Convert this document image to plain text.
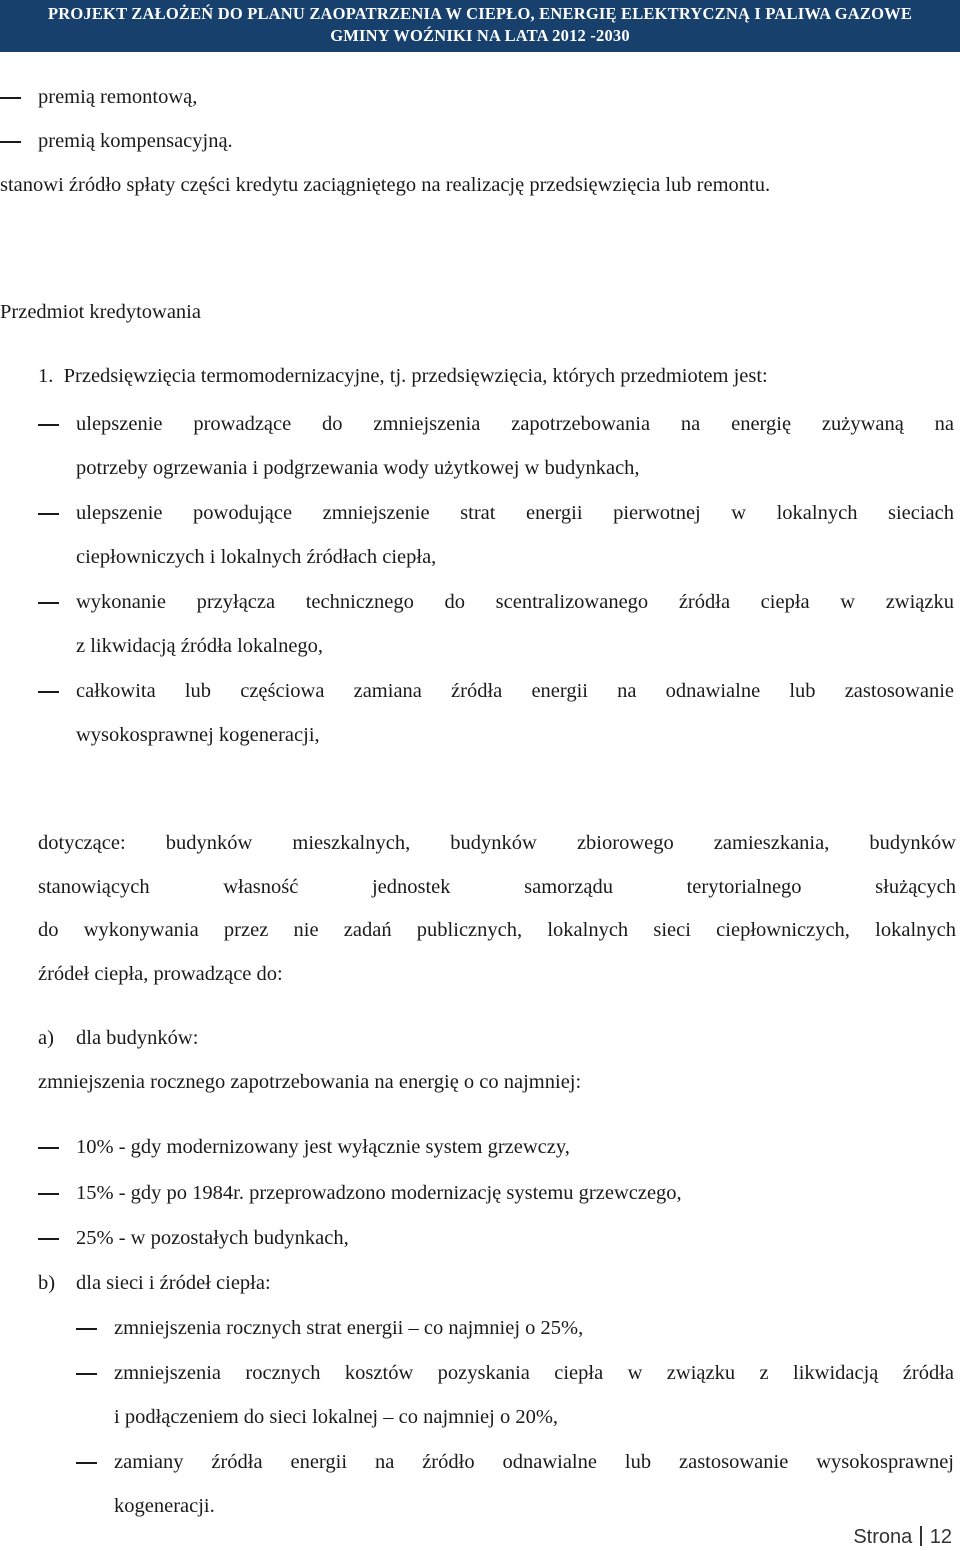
PROJEKT ZAŁOŻEŃ DO PLANU ZAOPATRZENIA W CIEPŁO, ENERGIĘ ELEKTRYCZNĄ I PALIWA GAZOWE
GMINY WOŹNIKI NA LATA 2012 -2030
premią remontową,
premią kompensacyjną.
stanowi źródło spłaty części kredytu zaciągniętego na realizację przedsięwzięcia lub remontu.
Przedmiot kredytowania
1.  Przedsięwzięcia termomodernizacyjne, tj. przedsięwzięcia, których przedmiotem jest:
ulepszenie prowadzące do zmniejszenia zapotrzebowania na energię zużywaną na
potrzeby ogrzewania i podgrzewania wody użytkowej w budynkach,
ulepszenie powodujące zmniejszenie strat energii pierwotnej w lokalnych sieciach
ciepłowniczych i lokalnych źródłach ciepła,
wykonanie przyłącza technicznego do scentralizowanego źródła ciepła w związku
z likwidacją źródła lokalnego,
całkowita lub częściowa zamiana źródła energii na odnawialne lub zastosowanie
wysokosprawnej kogeneracji,
dotyczące: budynków mieszkalnych, budynków zbiorowego zamieszkania, budynków
stanowiących własność jednostek samorządu terytorialnego służących
do wykonywania przez nie zadań publicznych, lokalnych sieci ciepłowniczych, lokalnych
źródeł ciepła, prowadzące do:
a) dla budynków:
zmniejszenia rocznego zapotrzebowania na energię o co najmniej:
10% - gdy modernizowany jest wyłącznie system grzewczy,
15% - gdy po 1984r. przeprowadzono modernizację systemu grzewczego,
25% - w pozostałych budynkach,
b) dla sieci i źródeł ciepła:
zmniejszenia rocznych strat energii – co najmniej o 25%,
zmniejszenia rocznych kosztów pozyskania ciepła w związku z likwidacją źródła
i podłączeniem do sieci lokalnej – co najmniej o 20%,
zamiany źródła energii na źródło odnawialne lub zastosowanie wysokosprawnej
kogeneracji.
Strona 12
